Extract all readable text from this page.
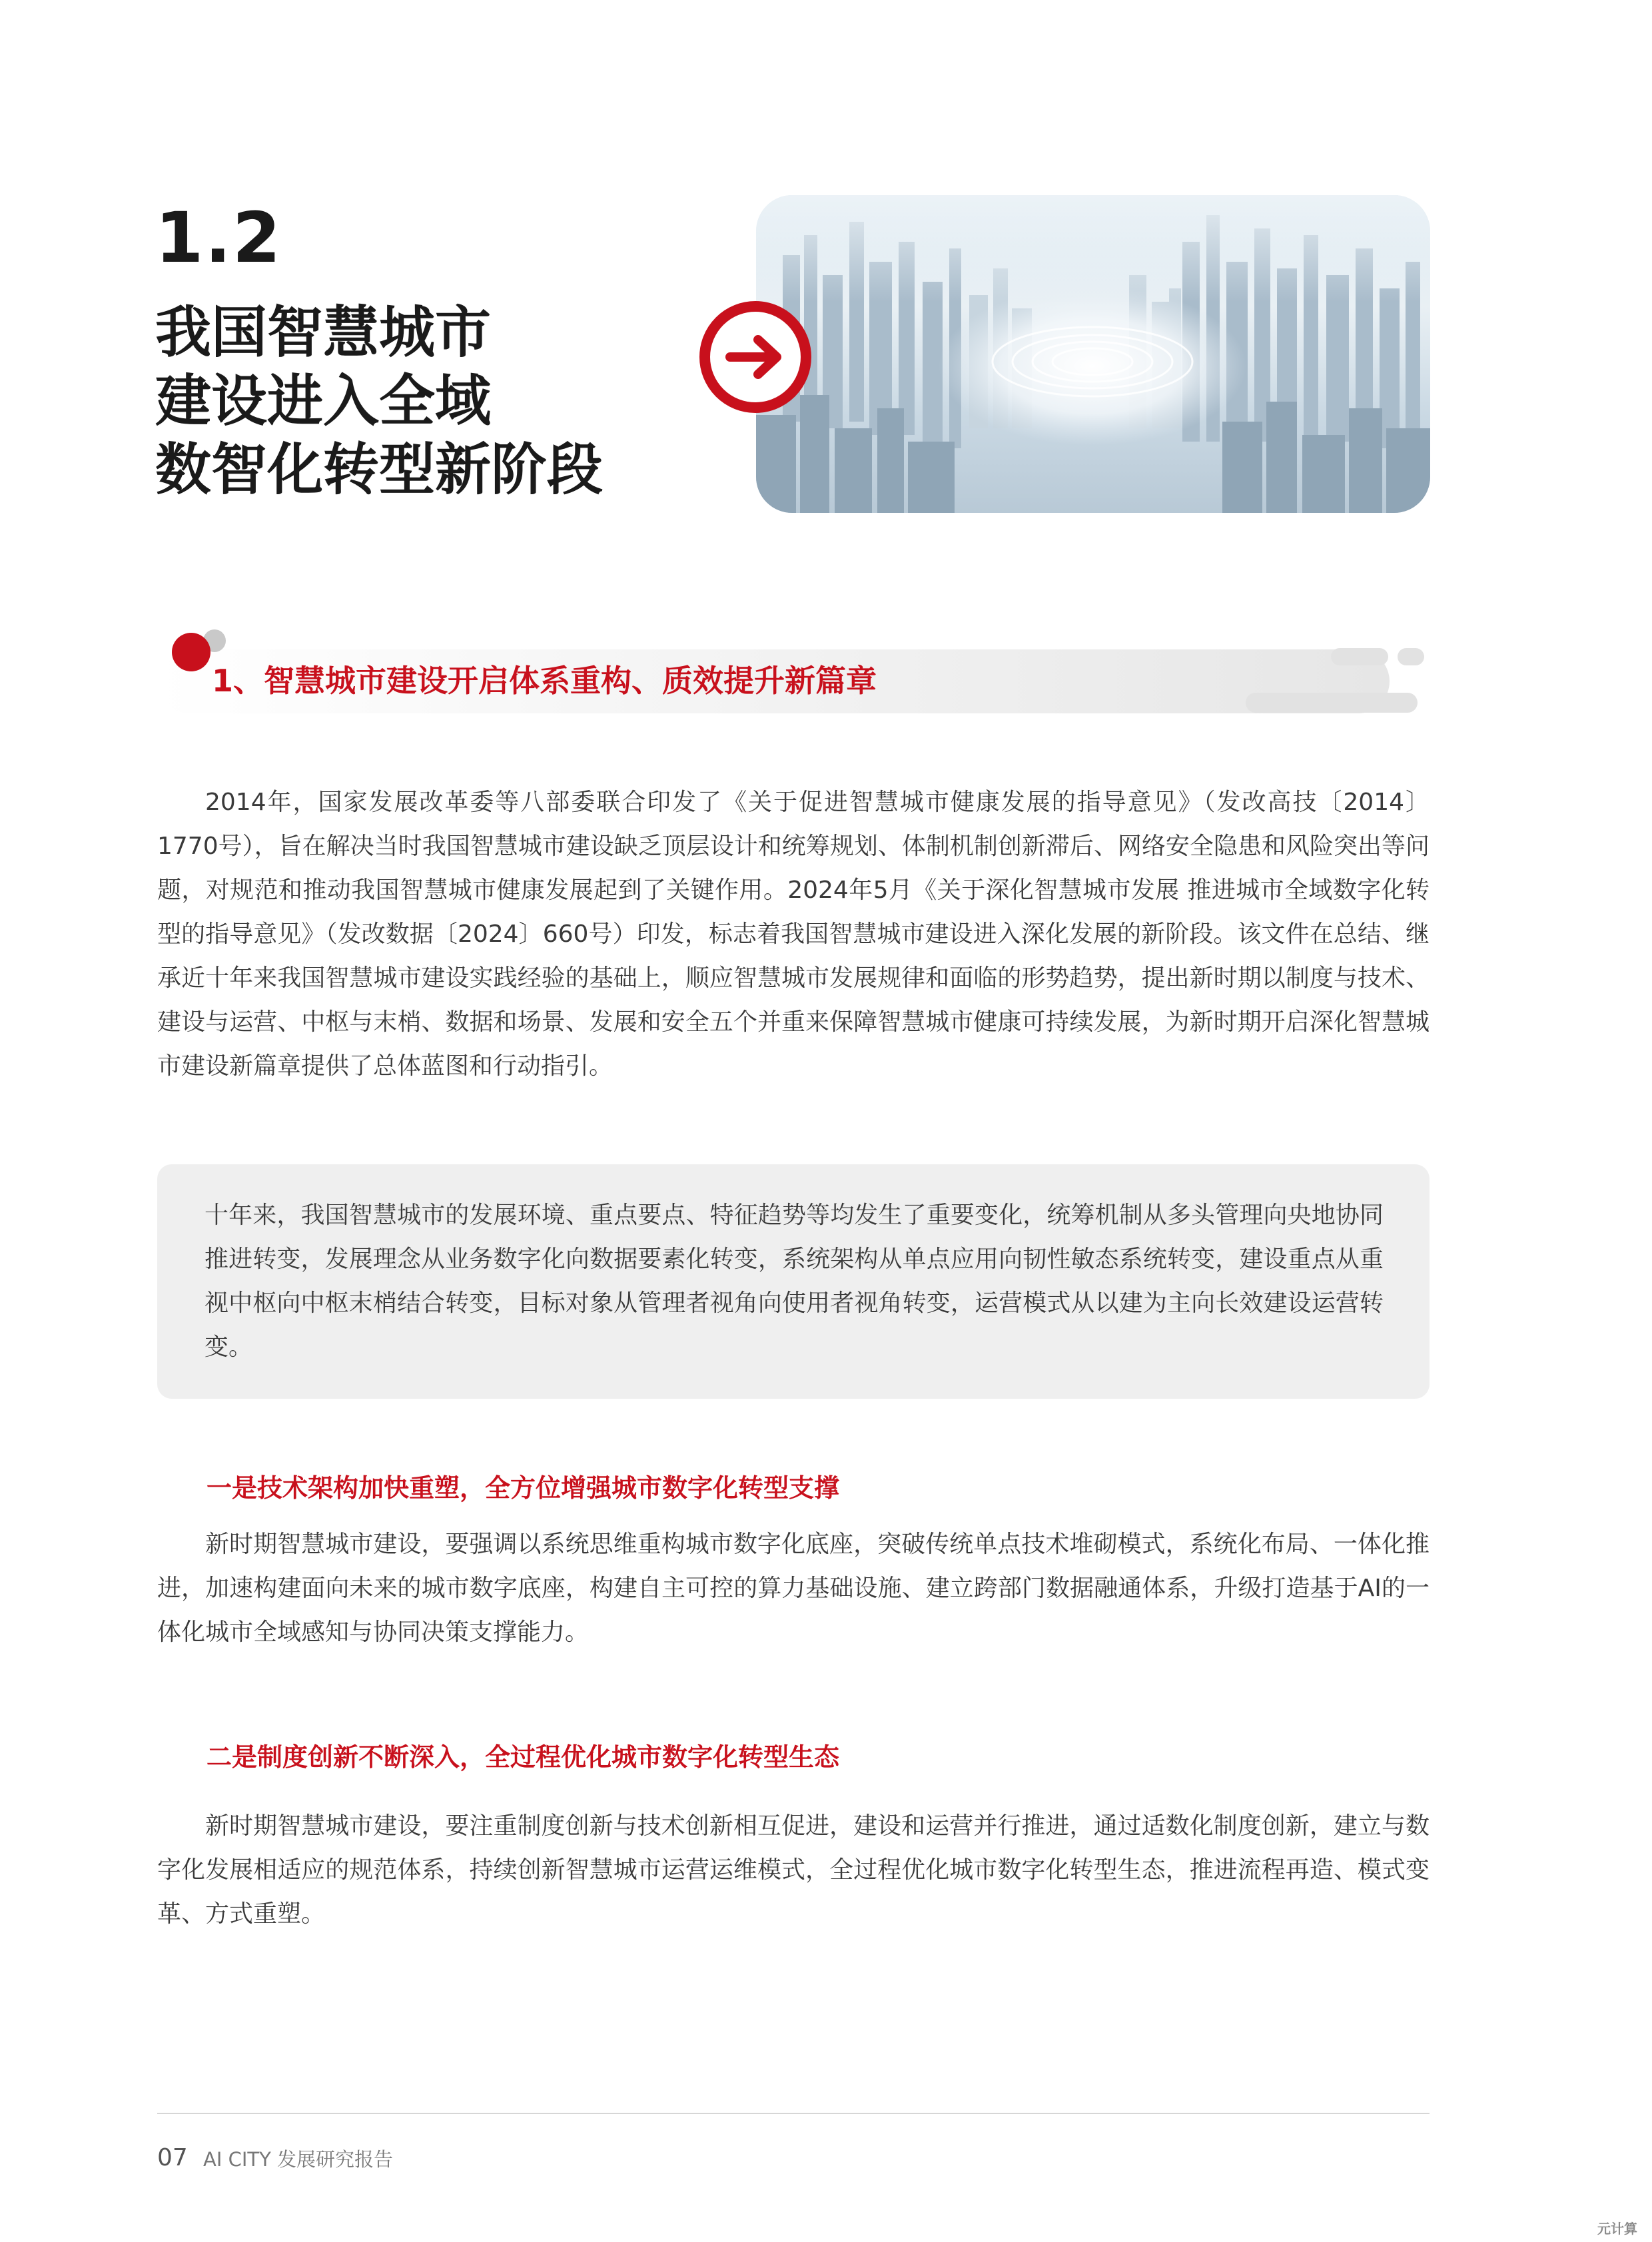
1.2
我国智慧城市
建设进入全域
数智化转型新阶段
1、智慧城市建设开启体系重构、质效提升新篇章

2014年，国家发展改革委等八部委联合印发了《关于促进智慧城市健康发展的指导意见》（发改高技〔2014〕1770号），旨在解决当时我国智慧城市建设缺乏顶层设计和统筹规划、体制机制创新滞后、网络安全隐患和风险突出等问题，对规范和推动我国智慧城市健康发展起到了关键作用。2024年5月《关于深化智慧城市发展 推进城市全域数字化转型的指导意见》（发改数据〔2024〕660号）印发，标志着我国智慧城市建设进入深化发展的新阶段。该文件在总结、继承近十年来我国智慧城市建设实践经验的基础上，顺应智慧城市发展规律和面临的形势趋势，提出新时期以制度与技术、建设与运营、中枢与末梢、数据和场景、发展和安全五个并重来保障智慧城市健康可持续发展，为新时期开启深化智慧城市建设新篇章提供了总体蓝图和行动指引。

十年来，我国智慧城市的发展环境、重点要点、特征趋势等均发生了重要变化，统筹机制从多头管理向央地协同推进转变，发展理念从业务数字化向数据要素化转变，系统架构从单点应用向韧性敏态系统转变，建设重点从重视中枢向中枢末梢结合转变，目标对象从管理者视角向使用者视角转变，运营模式从以建为主向长效建设运营转变。

一是技术架构加快重塑，全方位增强城市数字化转型支撑

新时期智慧城市建设，要强调以系统思维重构城市数字化底座，突破传统单点技术堆砌模式，系统化布局、一体化推进，加速构建面向未来的城市数字底座，构建自主可控的算力基础设施、建立跨部门数据融通体系，升级打造基于AI的一体化城市全域感知与协同决策支撑能力。

二是制度创新不断深入，全过程优化城市数字化转型生态

新时期智慧城市建设，要注重制度创新与技术创新相互促进，建设和运营并行推进，通过适数化制度创新，建立与数字化发展相适应的规范体系，持续创新智慧城市运营运维模式，全过程优化城市数字化转型生态，推进流程再造、模式变革、方式重塑。

07 AI CITY 发展研究报告
元计算
